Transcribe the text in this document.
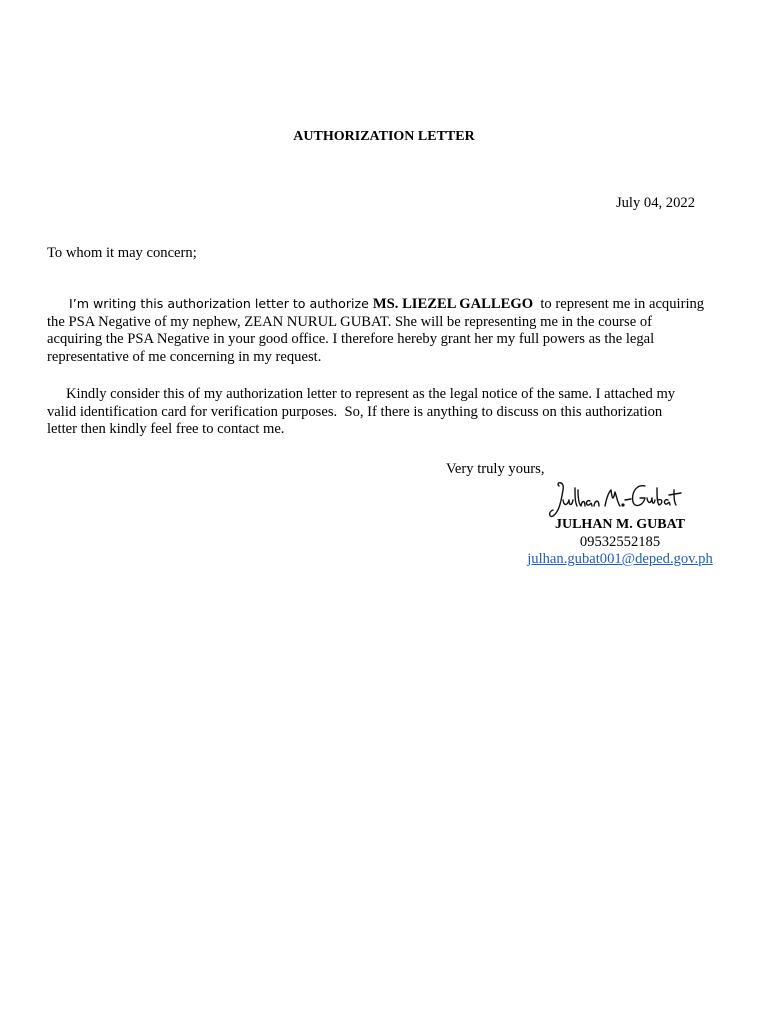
AUTHORIZATION LETTER
July 04, 2022
To whom it may concern;
I’m writing this authorization letter to authorize MS. LIEZEL GALLEGO  to represent me in acquiring
the PSA Negative of my nephew, ZEAN NURUL GUBAT. She will be representing me in the course of
acquiring the PSA Negative in your good office. I therefore hereby grant her my full powers as the legal
representative of me concerning in my request.
Kindly consider this of my authorization letter to represent as the legal notice of the same. I attached my
valid identification card for verification purposes.  So, If there is anything to discuss on this authorization
letter then kindly feel free to contact me.
Very truly yours,
JULHAN M. GUBAT
09532552185
julhan.gubat001@deped.gov.ph
